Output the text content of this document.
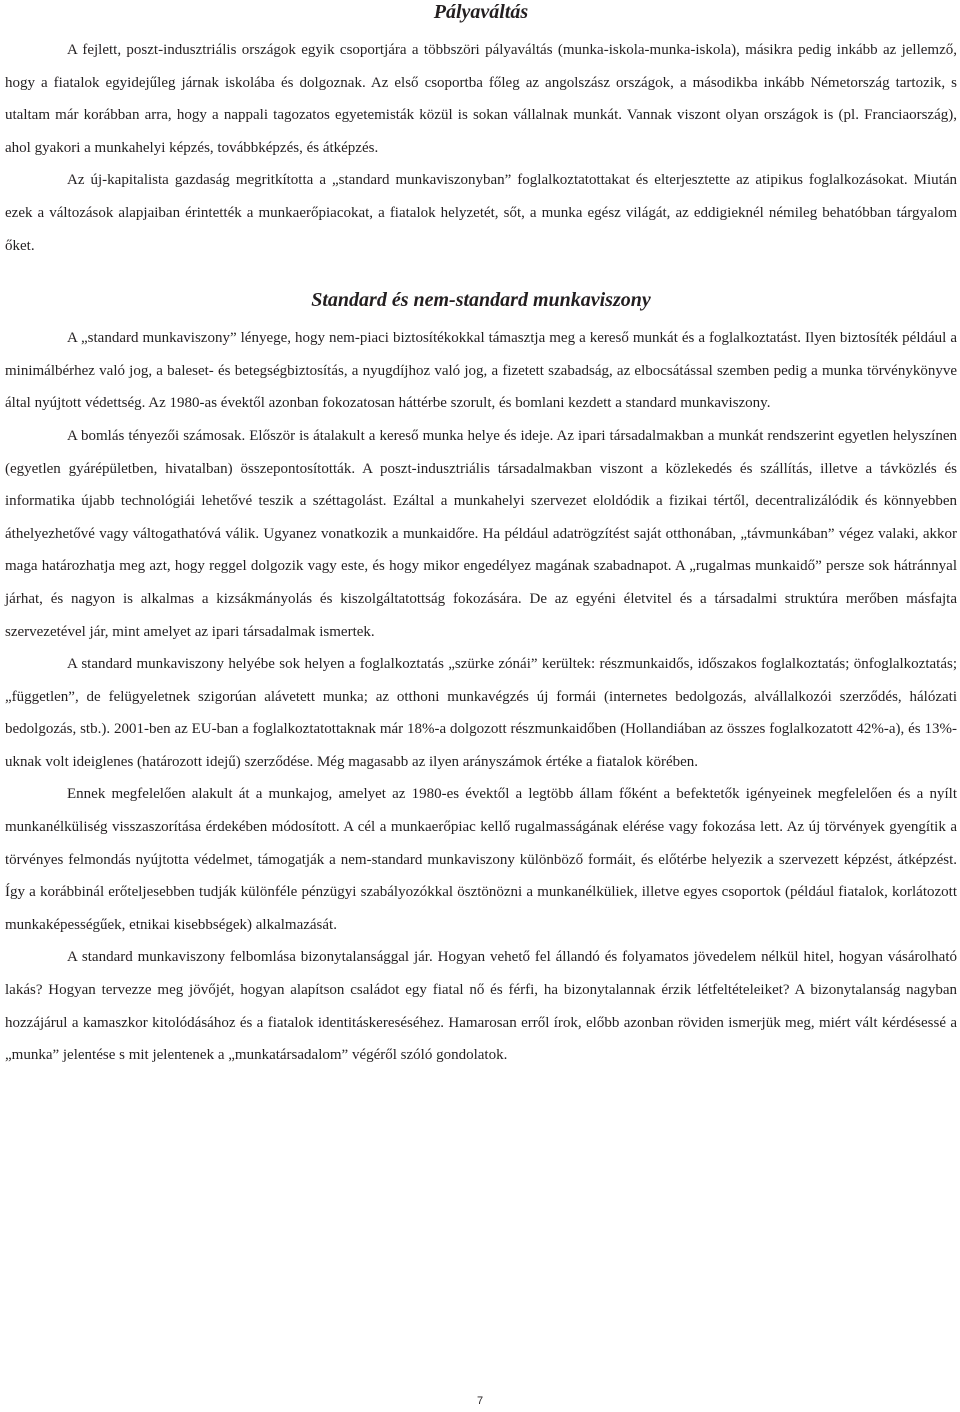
Pályaváltás

A fejlett, poszt-indusztriális országok egyik csoportjára a többszöri pályaváltás (munka-iskola-munka-iskola), másikra pedig inkább az jellemző, hogy a fiatalok egyidejűleg járnak iskolába és dolgoznak. Az első csoportba főleg az angolszász országok, a másodikba inkább Németország tartozik, s utaltam már korábban arra, hogy a nappali tagozatos egyetemisták közül is sokan vállalnak munkát. Vannak viszont olyan országok is (pl. Franciaország), ahol gyakori a munkahelyi képzés, továbbképzés, és átképzés.

Az új-kapitalista gazdaság megritkította a „standard munkaviszonyban” foglalkoztatottakat és elterjesztette az atipikus foglalkozásokat. Miután ezek a változások alapjaiban érintették a munkaerőpiacokat, a fiatalok helyzetét, sőt, a munka egész világát, az eddigieknél némileg behatóbban tárgyalom őket.

Standard és nem-standard munkaviszony

A „standard munkaviszony” lényege, hogy nem-piaci biztosítékokkal támasztja meg a kereső munkát és a foglalkoztatást. Ilyen biztosíték például a minimálbérhez való jog, a baleset- és betegségbiztosítás, a nyugdíjhoz való jog, a fizetett szabadság, az elbocsátással szemben pedig a munka törvénykönyve által nyújtott védettség. Az 1980-as évektől azonban fokozatosan háttérbe szorult, és bomlani kezdett a standard munkaviszony.

A bomlás tényezői számosak. Először is átalakult a kereső munka helye és ideje. Az ipari társadalmakban a munkát rendszerint egyetlen helyszínen (egyetlen gyárépületben, hivatalban) összepontosították. A poszt-indusztriális társadalmakban viszont a közlekedés és szállítás, illetve a távközlés és informatika újabb technológiái lehetővé teszik a széttagolást. Ezáltal a munkahelyi szervezet eloldódik a fizikai tértől, decentralizálódik és könnyebben áthelyezhetővé vagy váltogathatóvá válik. Ugyanez vonatkozik a munkaidőre. Ha például adatrögzítést saját otthonában, „távmunkában” végez valaki, akkor maga határozhatja meg azt, hogy reggel dolgozik vagy este, és hogy mikor engedélyez magának szabadnapot. A „rugalmas munkaidő” persze sok hátránnyal járhat, és nagyon is alkalmas a kizsákmányolás és kiszolgáltatottság fokozására. De az egyéni életvitel és a társadalmi struktúra merőben másfajta szervezetével jár, mint amelyet az ipari társadalmak ismertek.

A standard munkaviszony helyébe sok helyen a foglalkoztatás „szürke zónái” kerültek: részmunkaidős, időszakos foglalkoztatás; önfoglalkoztatás; „független”, de felügyeletnek szigorúan alávetett munka; az otthoni munkavégzés új formái (internetes bedolgozás, alvállalkozói szerződés, hálózati bedolgozás, stb.). 2001-ben az EU-ban a foglalkoztatottaknak már 18%-a dolgozott részmunkaidőben (Hollandiában az összes foglalkozatott 42%-a), és 13%-uknak volt ideiglenes (határozott idejű) szerződése. Még magasabb az ilyen arányszámok értéke a fiatalok körében.

Ennek megfelelően alakult át a munkajog, amelyet az 1980-es évektől a legtöbb állam főként a befektetők igényeinek megfelelően és a nyílt munkanélküliség visszaszorítása érdekében módosított. A cél a munkaerőpiac kellő rugalmasságának elérése vagy fokozása lett. Az új törvények gyengítik a törvényes felmondás nyújtotta védelmet, támogatják a nem-standard munkaviszony különböző formáit, és előtérbe helyezik a szervezett képzést, átképzést. Így a korábbinál erőteljesebben tudják különféle pénzügyi szabályozókkal ösztönözni a munkanélküliek, illetve egyes csoportok (például fiatalok, korlátozott munkaképességűek, etnikai kisebbségek) alkalmazását.

A standard munkaviszony felbomlása bizonytalansággal jár. Hogyan vehető fel állandó és folyamatos jövedelem nélkül hitel, hogyan vásárolható lakás? Hogyan tervezze meg jövőjét, hogyan alapítson családot egy fiatal nő és férfi, ha bizonytalannak érzik létfeltételeiket? A bizonytalanság nagyban hozzájárul a kamaszkor kitolódásához és a fiatalok identitáskereséséhez. Hamarosan erről írok, előbb azonban röviden ismerjük meg, miért vált kérdésessé a „munka” jelentése s mit jelentenek a „munkatársadalom” végéről szóló gondolatok.

7
